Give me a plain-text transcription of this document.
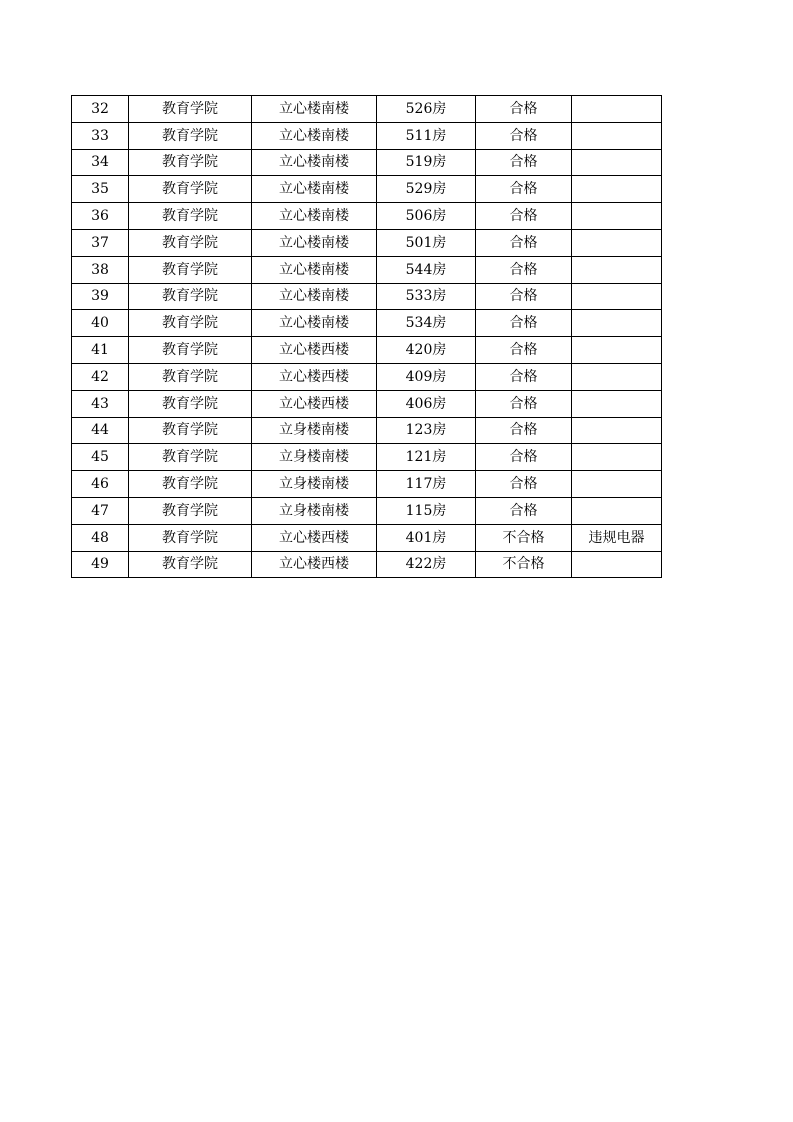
32	教育学院	立心楼南楼	526房	合格	
33	教育学院	立心楼南楼	511房	合格	
34	教育学院	立心楼南楼	519房	合格	
35	教育学院	立心楼南楼	529房	合格	
36	教育学院	立心楼南楼	506房	合格	
37	教育学院	立心楼南楼	501房	合格	
38	教育学院	立心楼南楼	544房	合格	
39	教育学院	立心楼南楼	533房	合格	
40	教育学院	立心楼南楼	534房	合格	
41	教育学院	立心楼西楼	420房	合格	
42	教育学院	立心楼西楼	409房	合格	
43	教育学院	立心楼西楼	406房	合格	
44	教育学院	立身楼南楼	123房	合格	
45	教育学院	立身楼南楼	121房	合格	
46	教育学院	立身楼南楼	117房	合格	
47	教育学院	立身楼南楼	115房	合格	
48	教育学院	立心楼西楼	401房	不合格	违规电器
49	教育学院	立心楼西楼	422房	不合格	
